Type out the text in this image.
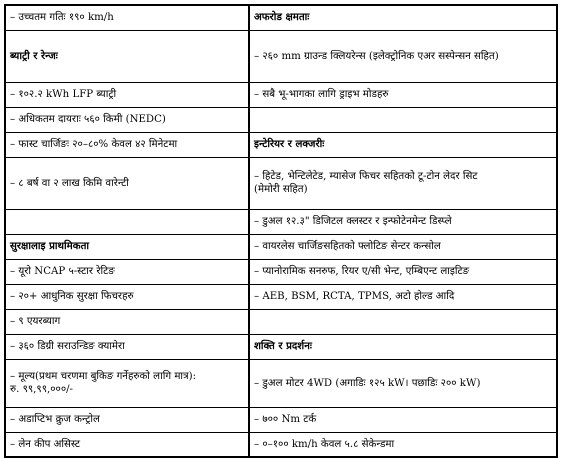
– उच्चतम गतिः १९० km/h	अफरोड क्षमताः

ब्याट्री र रेन्जः	– २६० mm ग्राउन्ड क्लियरेन्स (इलेक्ट्रोनिक एअर सस्पेन्सन सहित)

– १०२.२ kWh LFP ब्याट्री	– सबै भू-भागका लागि ड्राइभ मोडहरु

– अधिकतम दायराः ५६० किमी (NEDC)	

– फास्ट चार्जिङः २०–८०% केवल ४२ मिनेटमा	इन्टेरियर र लक्जरीः

– ८ बर्ष वा २ लाख किमि वारेन्टी	– हिटेड, भेन्टिलेटेड, म्यासेज फिचर सहितको टू-टोन लेदर सिट
(मेमोरी सहित)

	– डुअल १२.३" डिजिटल क्लस्टर र इन्फोटेनमेन्ट डिस्प्ले

सुरक्षालाइ प्राथमिकता	– वायरलेस चार्जिङसहितको फ्लोटिङ सेन्टर कन्सोल

– यूरो NCAP ५-स्टार रेटिङ	– प्यानोरामिक सनरुफ, रियर ए/सी भेन्ट, एम्बिएन्ट लाइटिङ

– २०+ आधुनिक सुरक्षा फिचरहरु	– AEB, BSM, RCTA, TPMS, अटो होल्ड आदि

– ९ एयरब्याग	

– ३६० डिग्री सराउन्डिङ क्यामेरा	शक्ति र प्रदर्शनः

– मूल्य(प्रथम चरणमा बुकिङ गर्नेहरुको लागि मात्र):
रु. ९९,९९,०००/-	– डुअल मोटर 4WD (अगाडिः १२५ kW। पछाडिः २०० kW)

– अडाप्टिभ क्रुज कन्ट्रोल	– ७०० Nm टर्क

– लेन कीप असिस्ट	– ०–१०० km/h केवल ५.८ सेकेन्डमा
